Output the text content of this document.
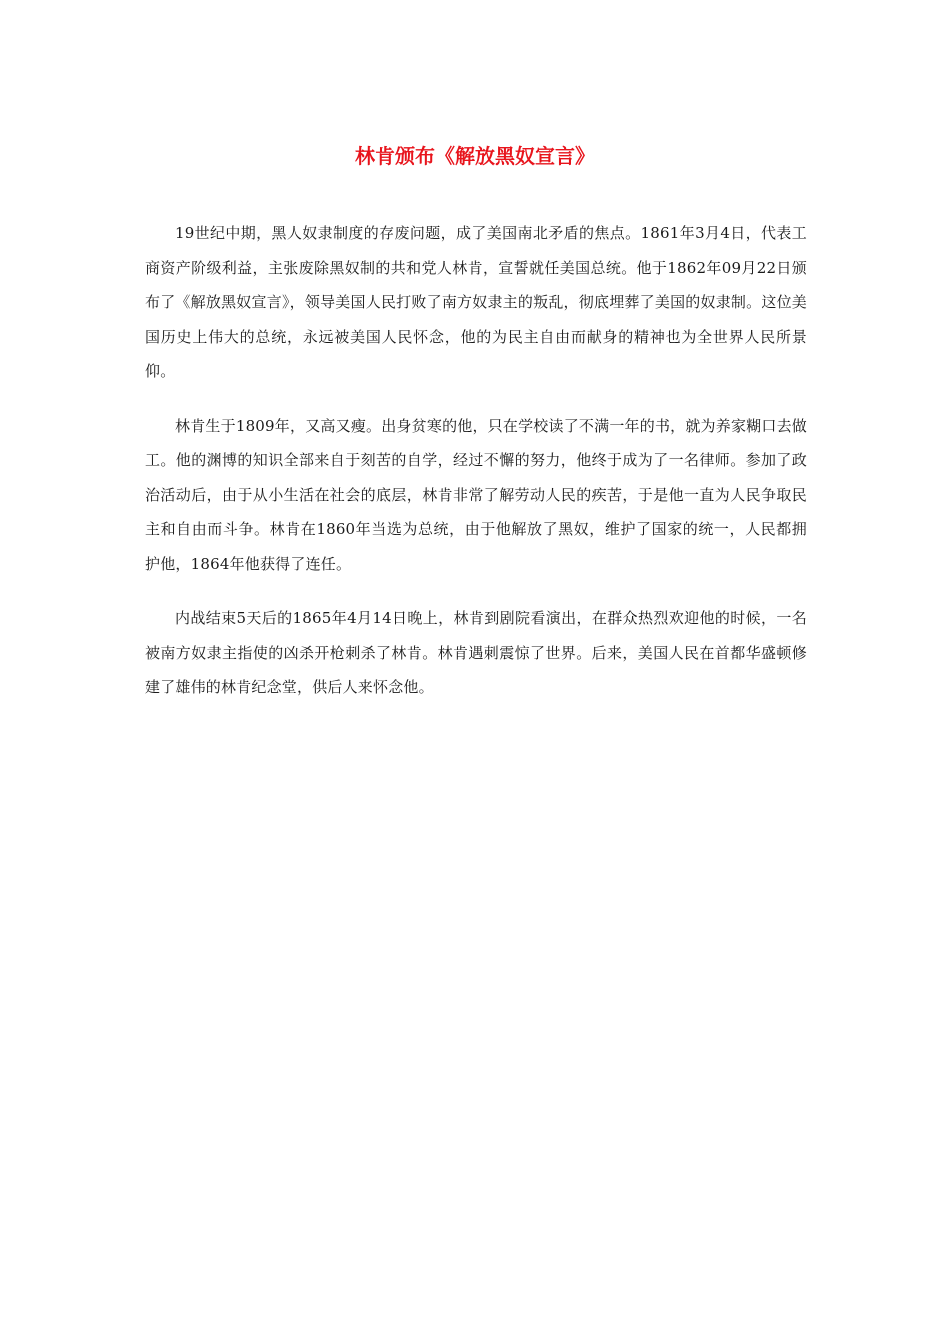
林肯颁布《解放黑奴宣言》

19世纪中期，黑人奴隶制度的存废问题，成了美国南北矛盾的焦点。1861年3月4日，代表工商资产阶级利益，主张废除黑奴制的共和党人林肯，宣誓就任美国总统。他于1862年09月22日颁布了《解放黑奴宣言》，领导美国人民打败了南方奴隶主的叛乱，彻底埋葬了美国的奴隶制。这位美国历史上伟大的总统，永远被美国人民怀念，他的为民主自由而献身的精神也为全世界人民所景仰。

林肯生于1809年，又高又瘦。出身贫寒的他，只在学校读了不满一年的书，就为养家糊口去做工。他的渊博的知识全部来自于刻苦的自学，经过不懈的努力，他终于成为了一名律师。参加了政治活动后，由于从小生活在社会的底层，林肯非常了解劳动人民的疾苦，于是他一直为人民争取民主和自由而斗争。林肯在1860年当选为总统，由于他解放了黑奴，维护了国家的统一，人民都拥护他，1864年他获得了连任。

内战结束5天后的1865年4月14日晚上，林肯到剧院看演出，在群众热烈欢迎他的时候，一名被南方奴隶主指使的凶杀开枪刺杀了林肯。林肯遇刺震惊了世界。后来，美国人民在首都华盛顿修建了雄伟的林肯纪念堂，供后人来怀念他。
